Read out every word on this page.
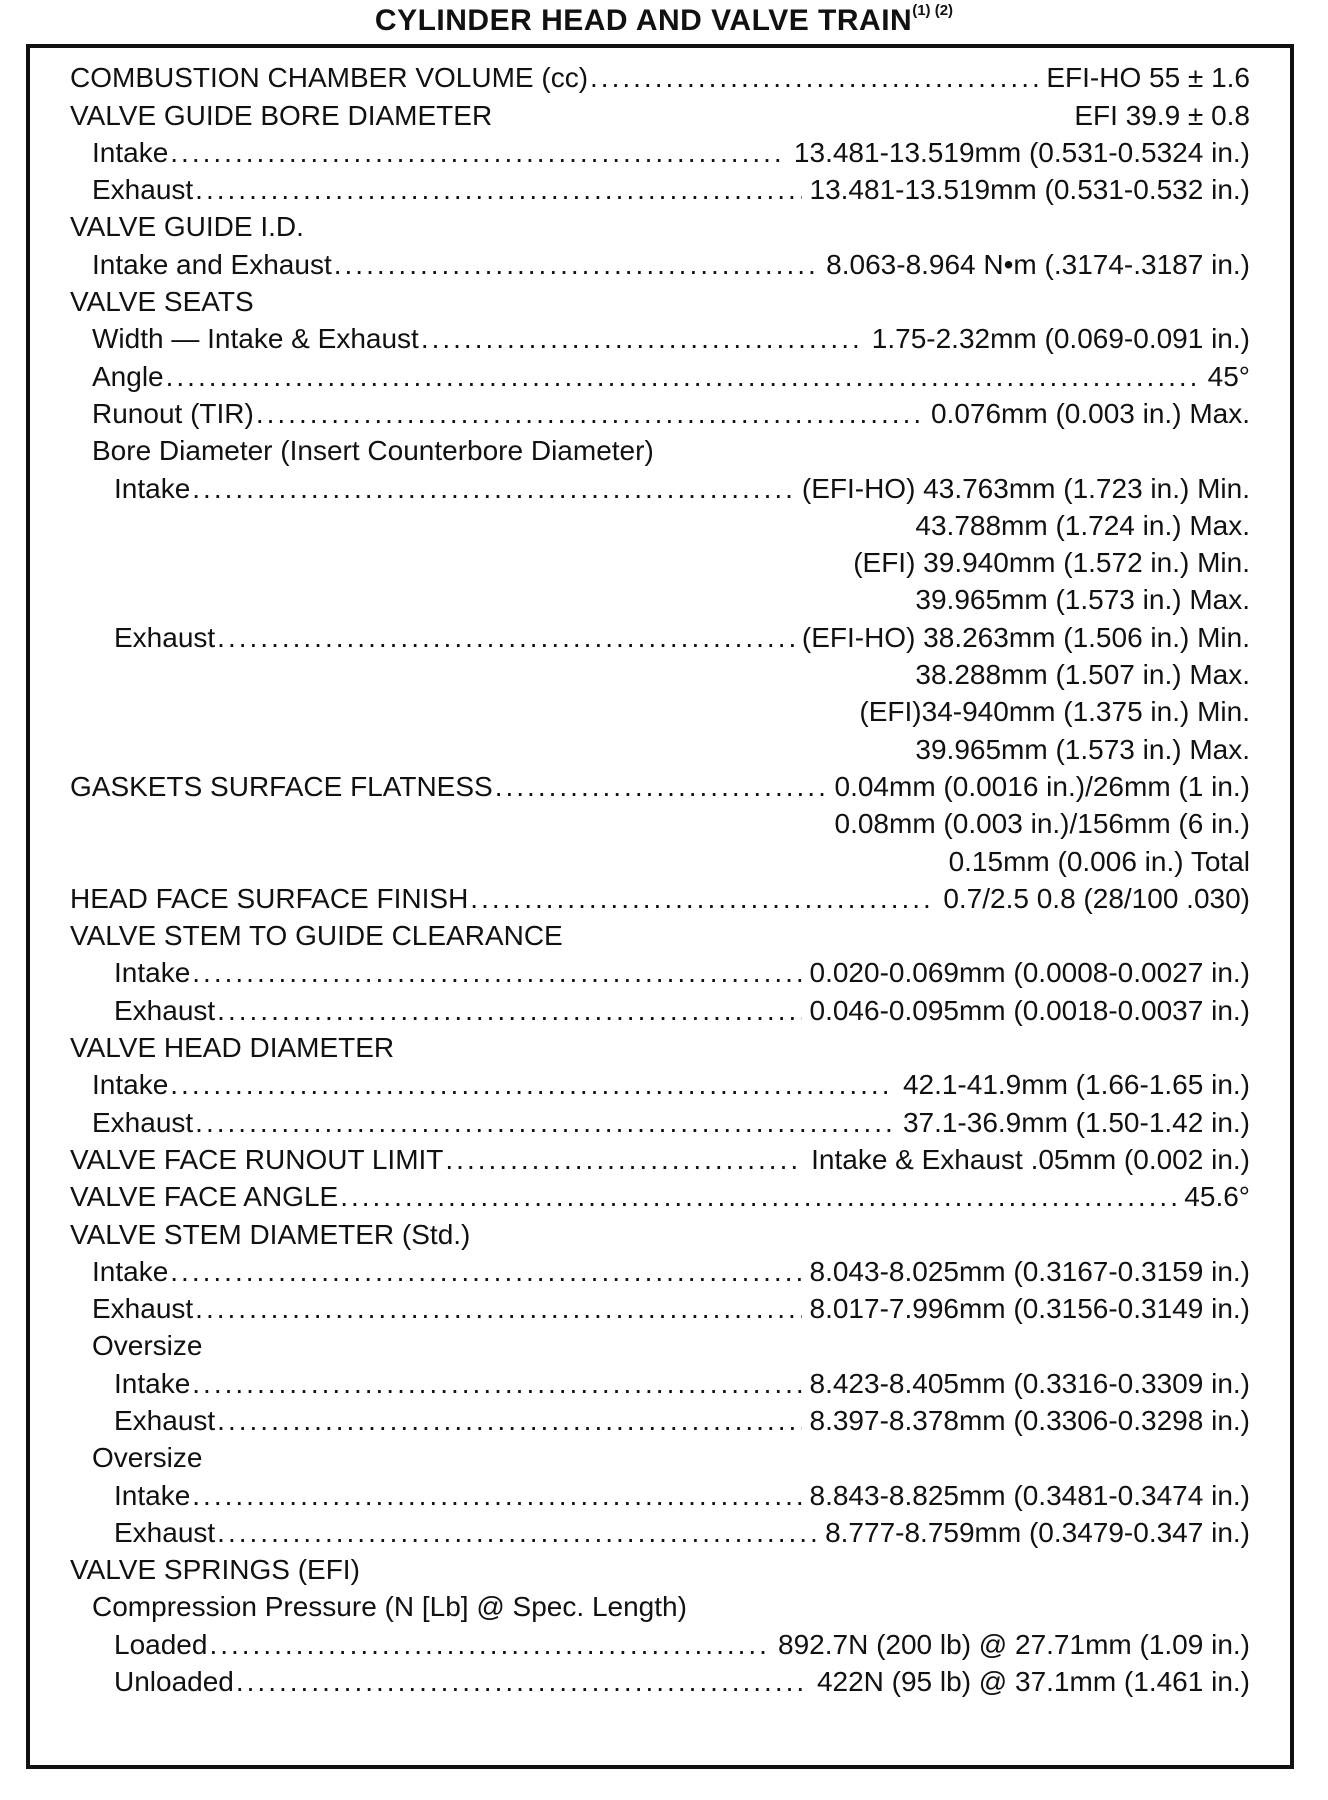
CYLINDER HEAD AND VALVE $TRAIN^{(1) (2)}$
COMBUSTION CHAMBER VOLUME (cc) .....	EFI-HO 55 ± 1.6
VALVE GUIDE BORE DIAMETER	EFI 39.9 ± 0.8
Intake .....	13.481-13.519mm (0.531-0.5324 in.)
Exhaust .....	13.481-13.519mm (0.531-0.532 in.)
VALVE GUIDE I.D.
Intake and Exhaust .....	8.063-8.964 N•m (.3174-.3187 in.)
VALVE SEATS
Width — Intake & Exhaust .....	1.75-2.32mm (0.069-0.091 in.)
Angle .....	45°
Runout (TIR) .....	0.076mm (0.003 in.) Max.
Bore Diameter (Insert Counterbore Diameter)
Intake .....	(EFI-HO) 43.763mm (1.723 in.) Min.
43.788mm (1.724 in.) Max.
(EFI) 39.940mm (1.572 in.) Min.
39.965mm (1.573 in.) Max.
Exhaust .....	(EFI-HO) 38.263mm (1.506 in.) Min.
38.288mm (1.507 in.) Max.
(EFI)34-940mm (1.375 in.) Min.
39.965mm (1.573 in.) Max.
GASKETS SURFACE FLATNESS .....	0.04mm (0.0016 in.)/26mm (1 in.)
0.08mm (0.003 in.)/156mm (6 in.)
0.15mm (0.006 in.) Total
HEAD FACE SURFACE FINISH .....	0.7/2.5 0.8 (28/100 .030)
VALVE STEM TO GUIDE CLEARANCE
Intake .....	0.020-0.069mm (0.0008-0.0027 in.)
Exhaust .....	0.046-0.095mm (0.0018-0.0037 in.)
VALVE HEAD DIAMETER
Intake .....	42.1-41.9mm (1.66-1.65 in.)
Exhaust .....	37.1-36.9mm (1.50-1.42 in.)
VALVE FACE RUNOUT LIMIT .....	Intake & Exhaust .05mm (0.002 in.)
VALVE FACE ANGLE .....	45.6°
VALVE STEM DIAMETER (Std.)
Intake .....	8.043-8.025mm (0.3167-0.3159 in.)
Exhaust .....	8.017-7.996mm (0.3156-0.3149 in.)
Oversize
Intake .....	8.423-8.405mm (0.3316-0.3309 in.)
Exhaust .....	8.397-8.378mm (0.3306-0.3298 in.)
Oversize
Intake .....	8.843-8.825mm (0.3481-0.3474 in.)
Exhaust .....	8.777-8.759mm (0.3479-0.347 in.)
VALVE SPRINGS (EFI)
Compression Pressure (N [Lb] @ Spec. Length)
Loaded .....	892.7N (200 lb) @ 27.71mm (1.09 in.)
Unloaded .....	422N (95 lb) @ 37.1mm (1.461 in.)
